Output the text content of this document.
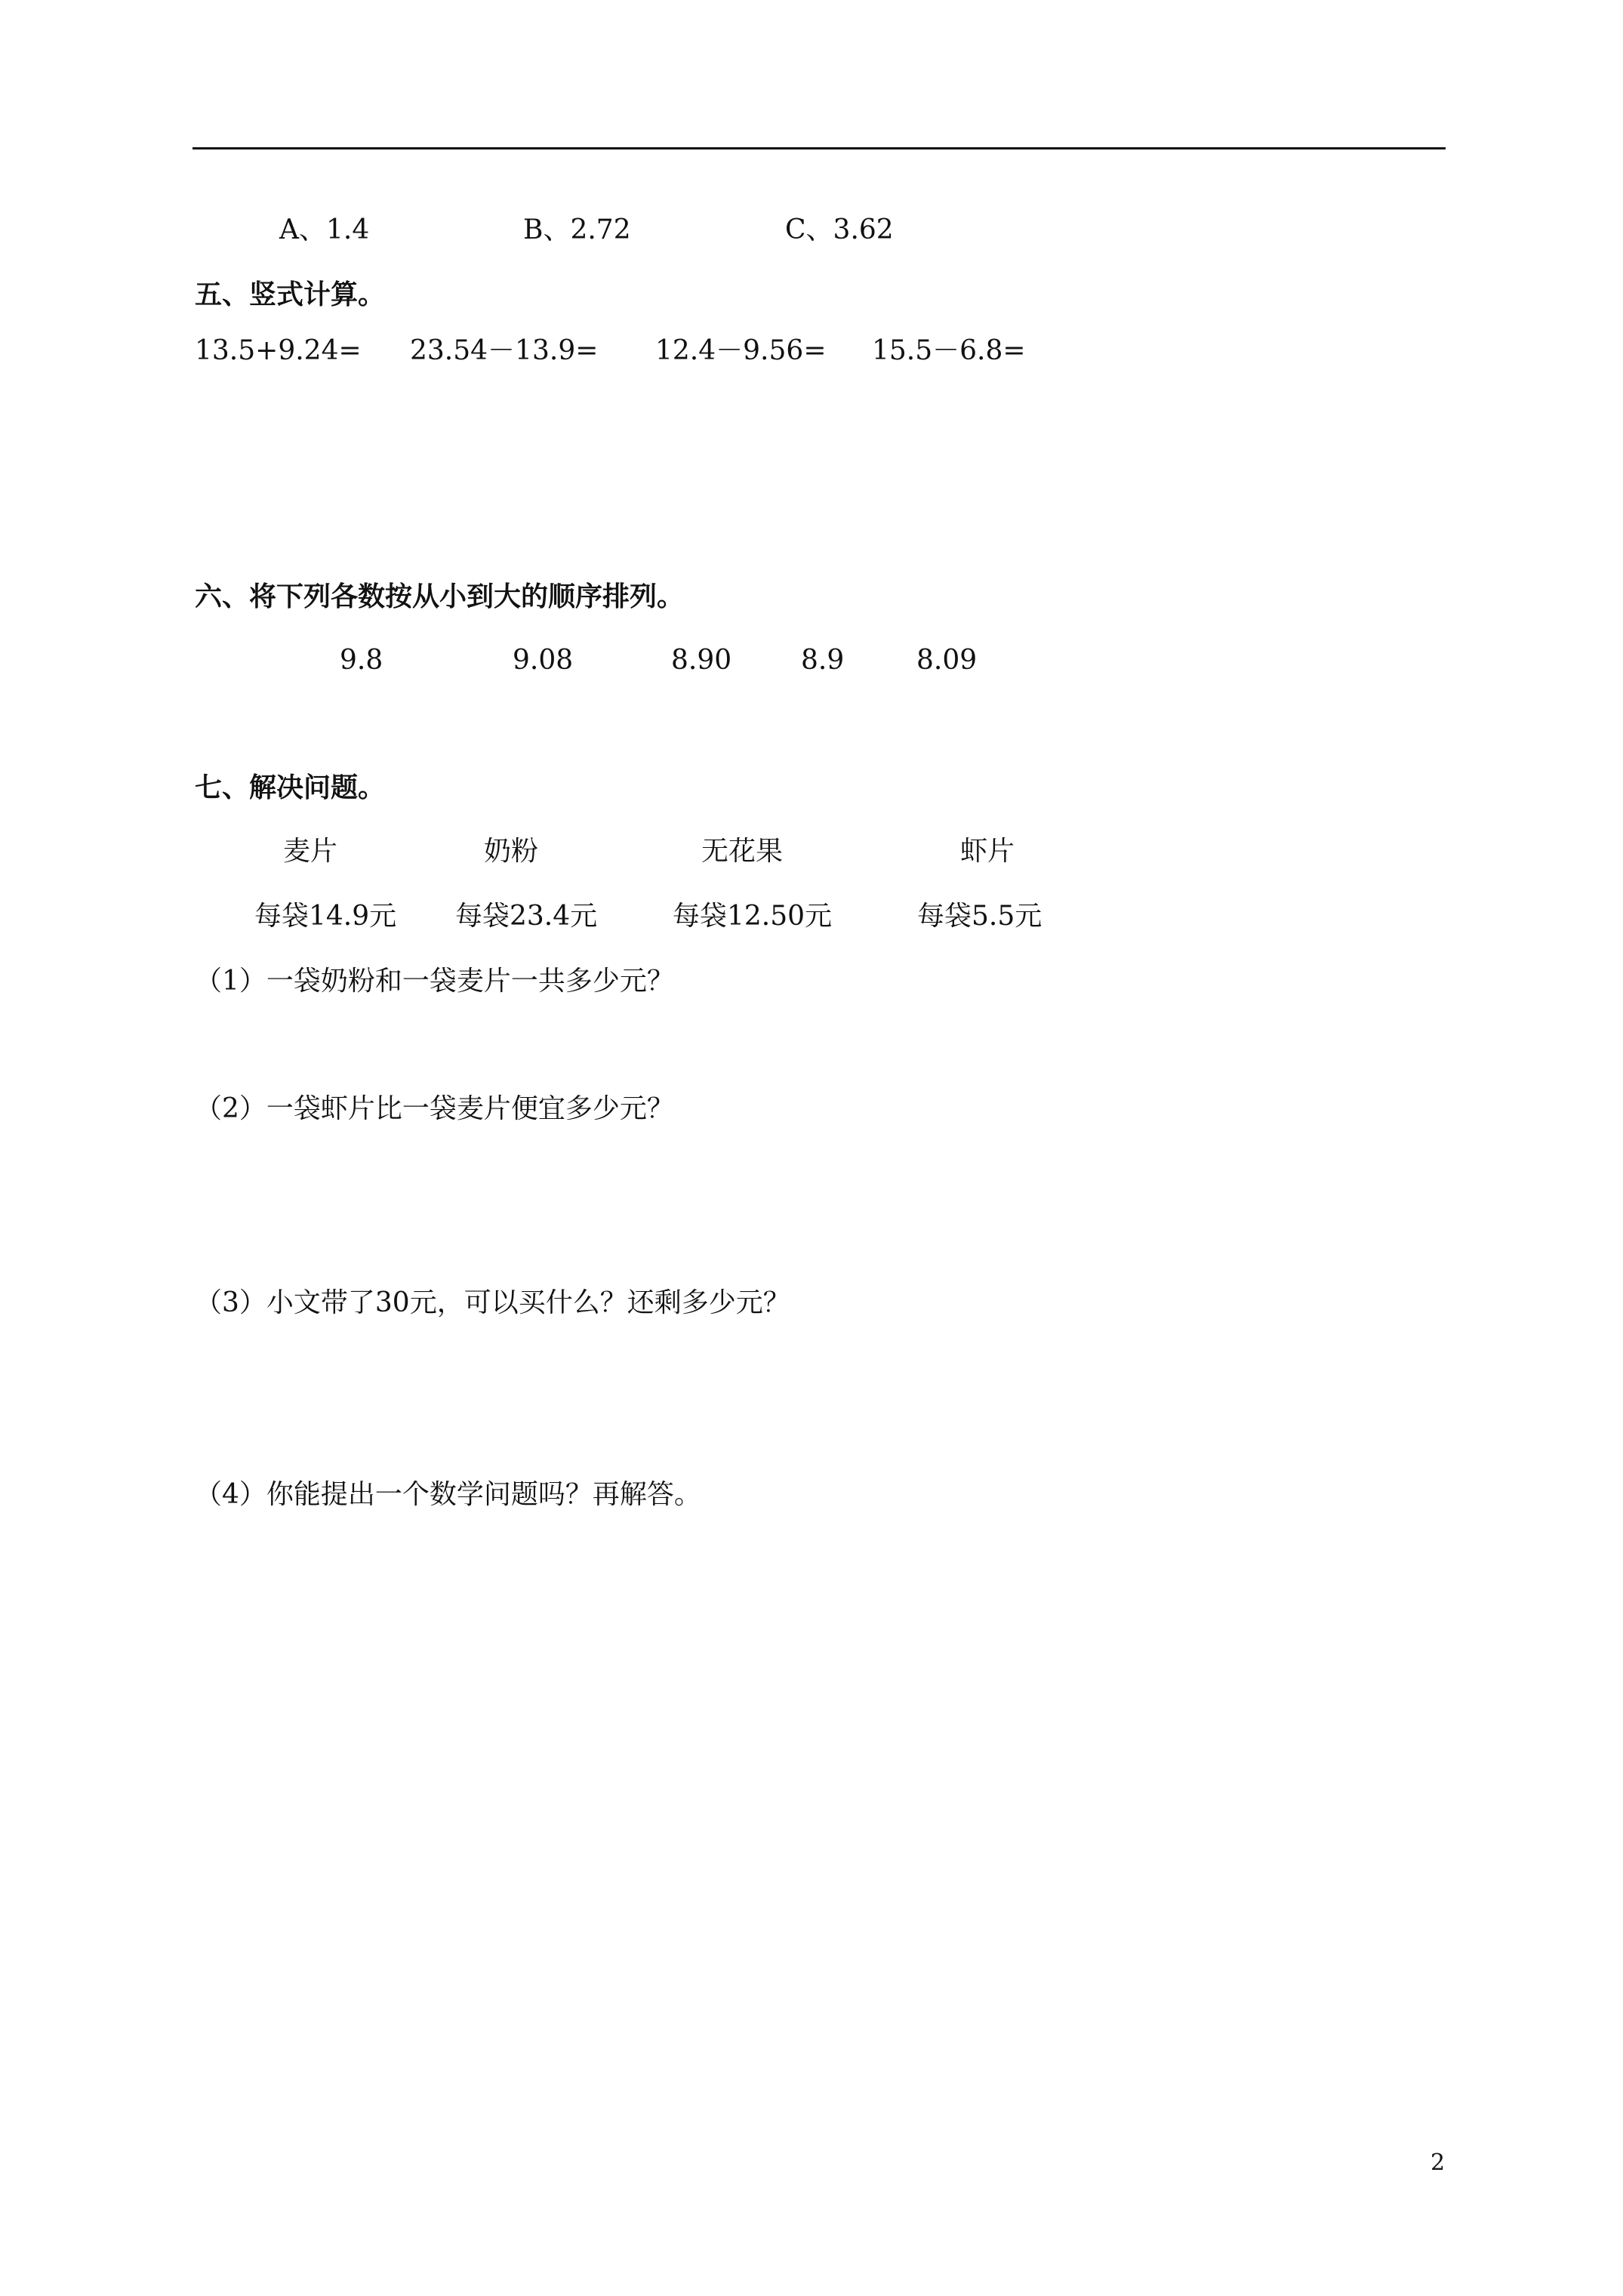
A、1.4	B、2.72	C、3.62
五、竖式计算。
13.5+9.24= 23.54－13.9= 12.4－9.56= 15.5－6.8=
六、将下列各数按从小到大的顺序排列。
9.8	9.08	8.90	8.9	8.09
七、解决问题。
麦片	奶粉	无花果	虾片
每袋14.9元 每袋23.4元	每袋12.50元	每袋5.5元
（1）一袋奶粉和一袋麦片一共多少元？
（2）一袋虾片比一袋麦片便宜多少元？
（3）小文带了30元，可以买什么？还剩多少元？
（4）你能提出一个数学问题吗？再解答。
2
